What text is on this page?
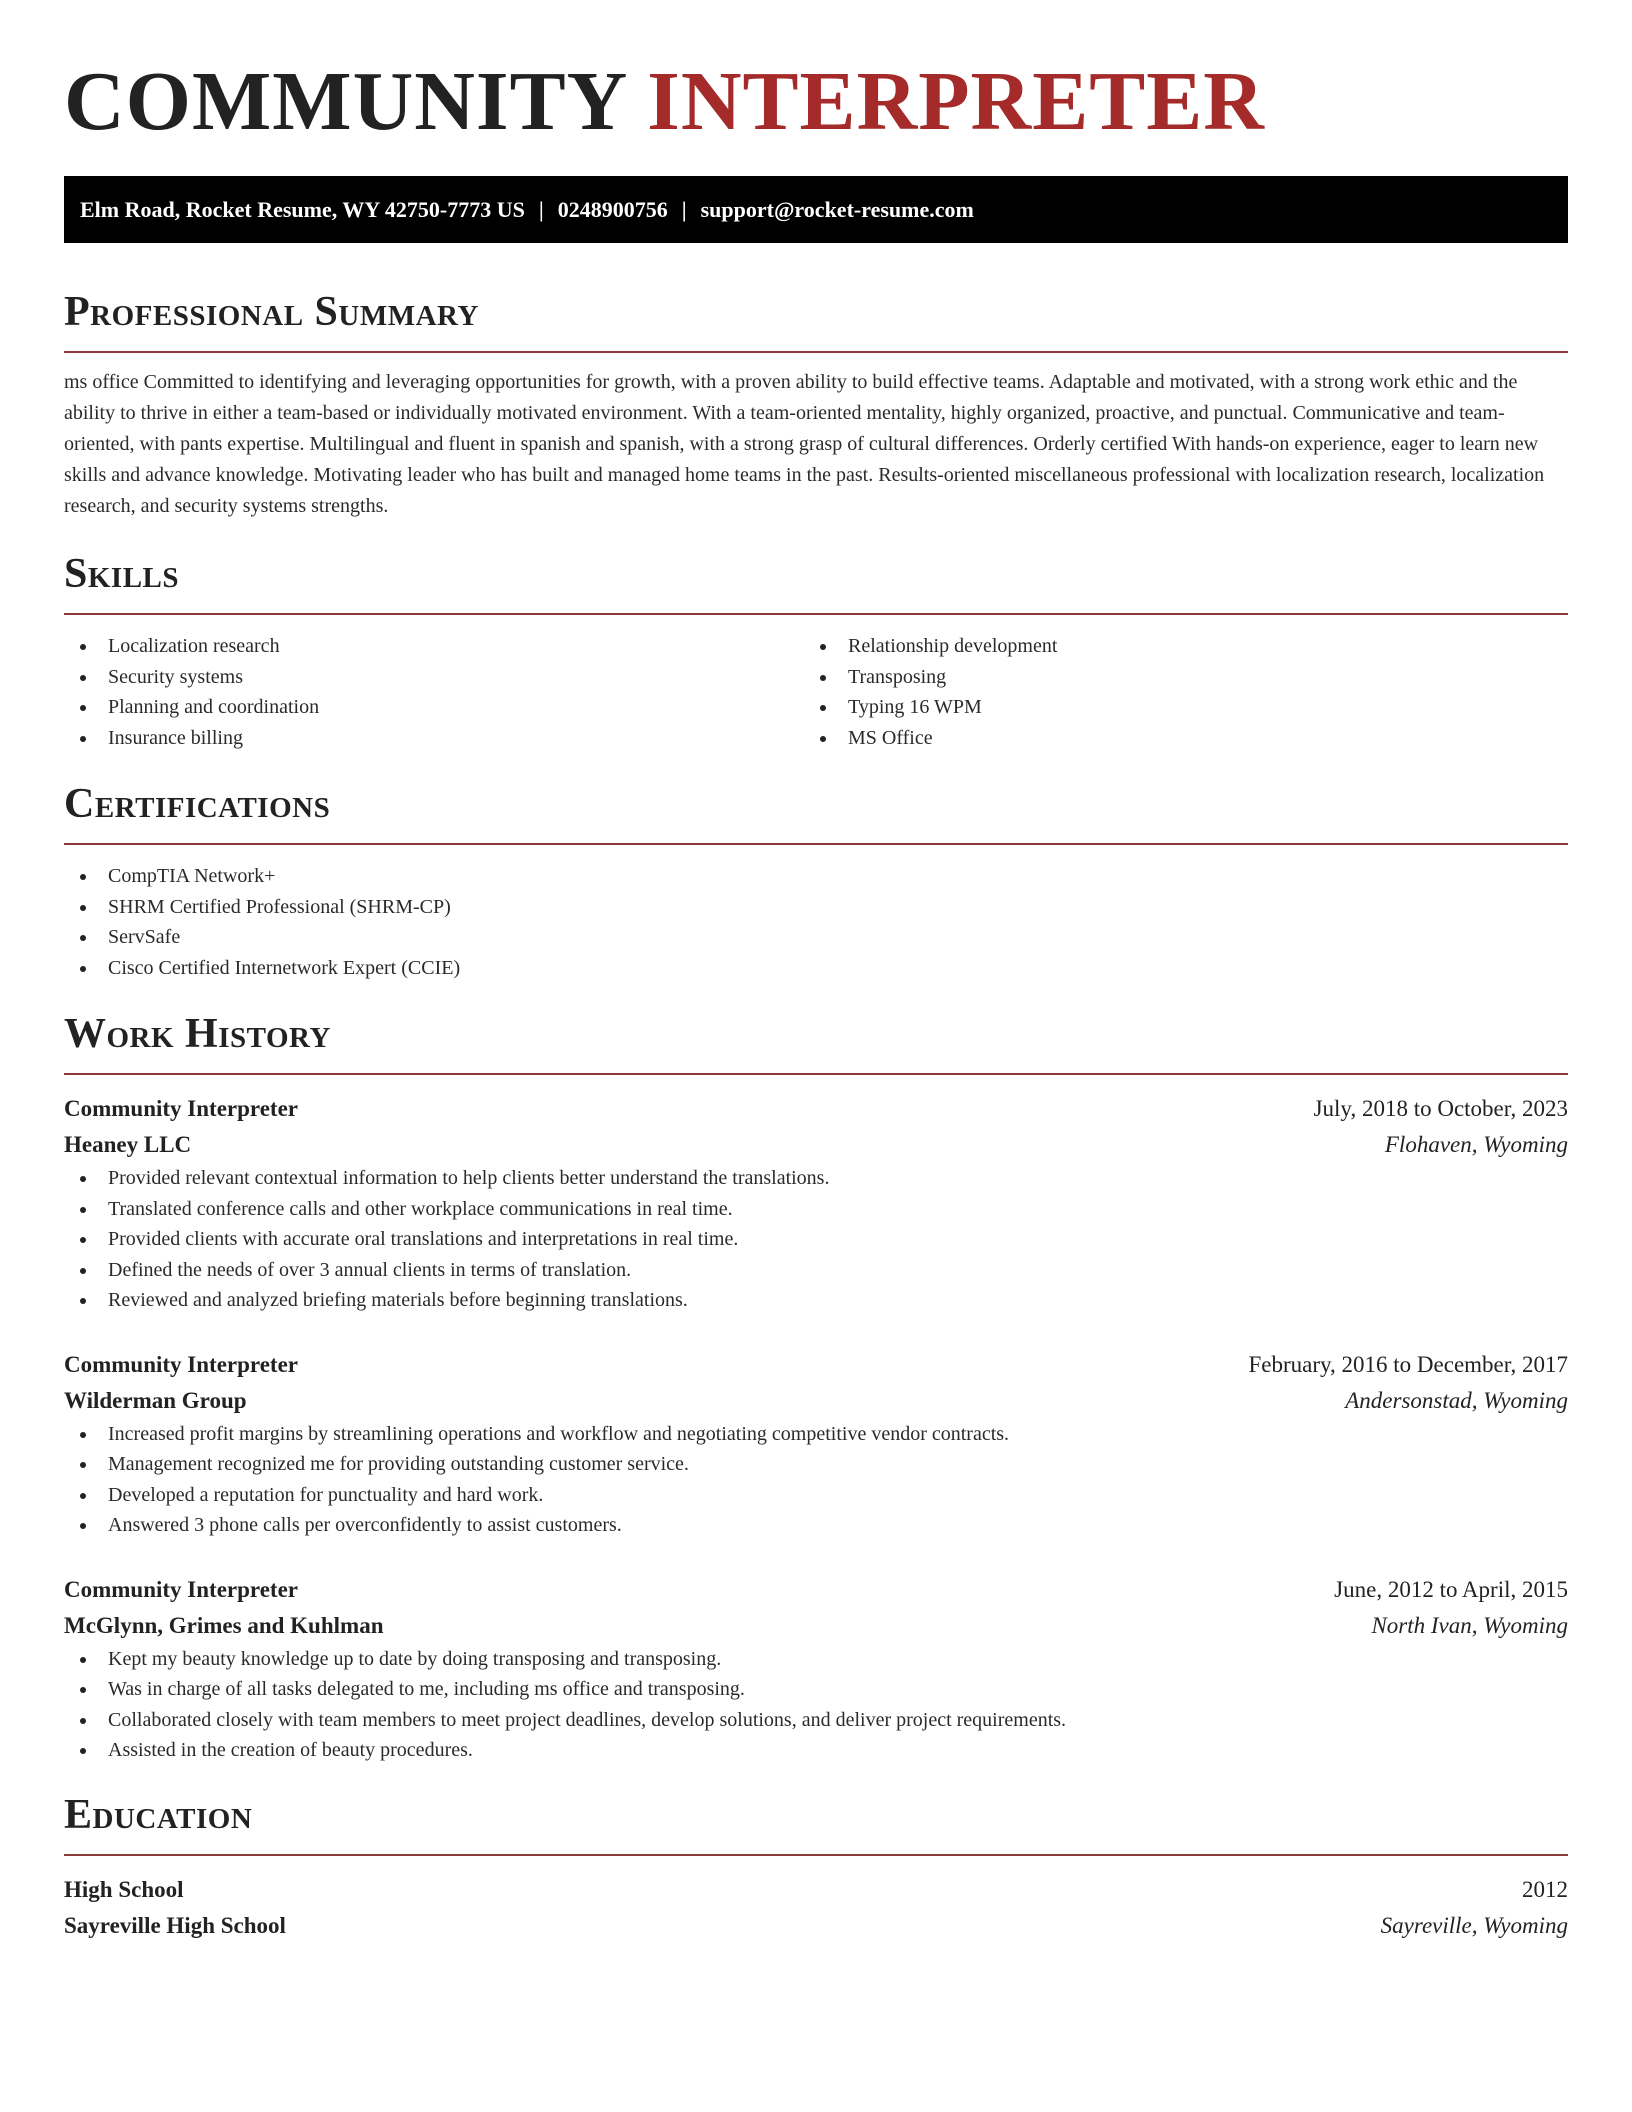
COMMUNITY INTERPRETER
Elm Road, Rocket Resume, WY 42750-7773 US | 0248900756 | support@rocket-resume.com
Professional Summary

ms office Committed to identifying and leveraging opportunities for growth, with a proven ability to build effective teams. Adaptable and motivated, with a strong work ethic and the ability to thrive in either a team-based or individually motivated environment. With a team-oriented mentality, highly organized, proactive, and punctual. Communicative and team-oriented, with pants expertise. Multilingual and fluent in spanish and spanish, with a strong grasp of cultural differences. Orderly certified With hands-on experience, eager to learn new skills and advance knowledge. Motivating leader who has built and managed home teams in the past. Results-oriented miscellaneous professional with localization research, localization research, and security systems strengths.

Skills
Localization research
Security systems
Planning and coordination
Insurance billing
Relationship development
Transposing
Typing 16 WPM
MS Office
Certifications
CompTIA Network+
SHRM Certified Professional (SHRM-CP)
ServSafe
Cisco Certified Internetwork Expert (CCIE)
Work History
Community Interpreter	July, 2018 to October, 2023
Heaney LLC	Flohaven, Wyoming
Provided relevant contextual information to help clients better understand the translations.
Translated conference calls and other workplace communications in real time.
Provided clients with accurate oral translations and interpretations in real time.
Defined the needs of over 3 annual clients in terms of translation.
Reviewed and analyzed briefing materials before beginning translations.
Community Interpreter	February, 2016 to December, 2017
Wilderman Group	Andersonstad, Wyoming
Increased profit margins by streamlining operations and workflow and negotiating competitive vendor contracts.
Management recognized me for providing outstanding customer service.
Developed a reputation for punctuality and hard work.
Answered 3 phone calls per overconfidently to assist customers.
Community Interpreter	June, 2012 to April, 2015
McGlynn, Grimes and Kuhlman	North Ivan, Wyoming
Kept my beauty knowledge up to date by doing transposing and transposing.
Was in charge of all tasks delegated to me, including ms office and transposing.
Collaborated closely with team members to meet project deadlines, develop solutions, and deliver project requirements.
Assisted in the creation of beauty procedures.
Education
High School	2012
Sayreville High School	Sayreville, Wyoming
